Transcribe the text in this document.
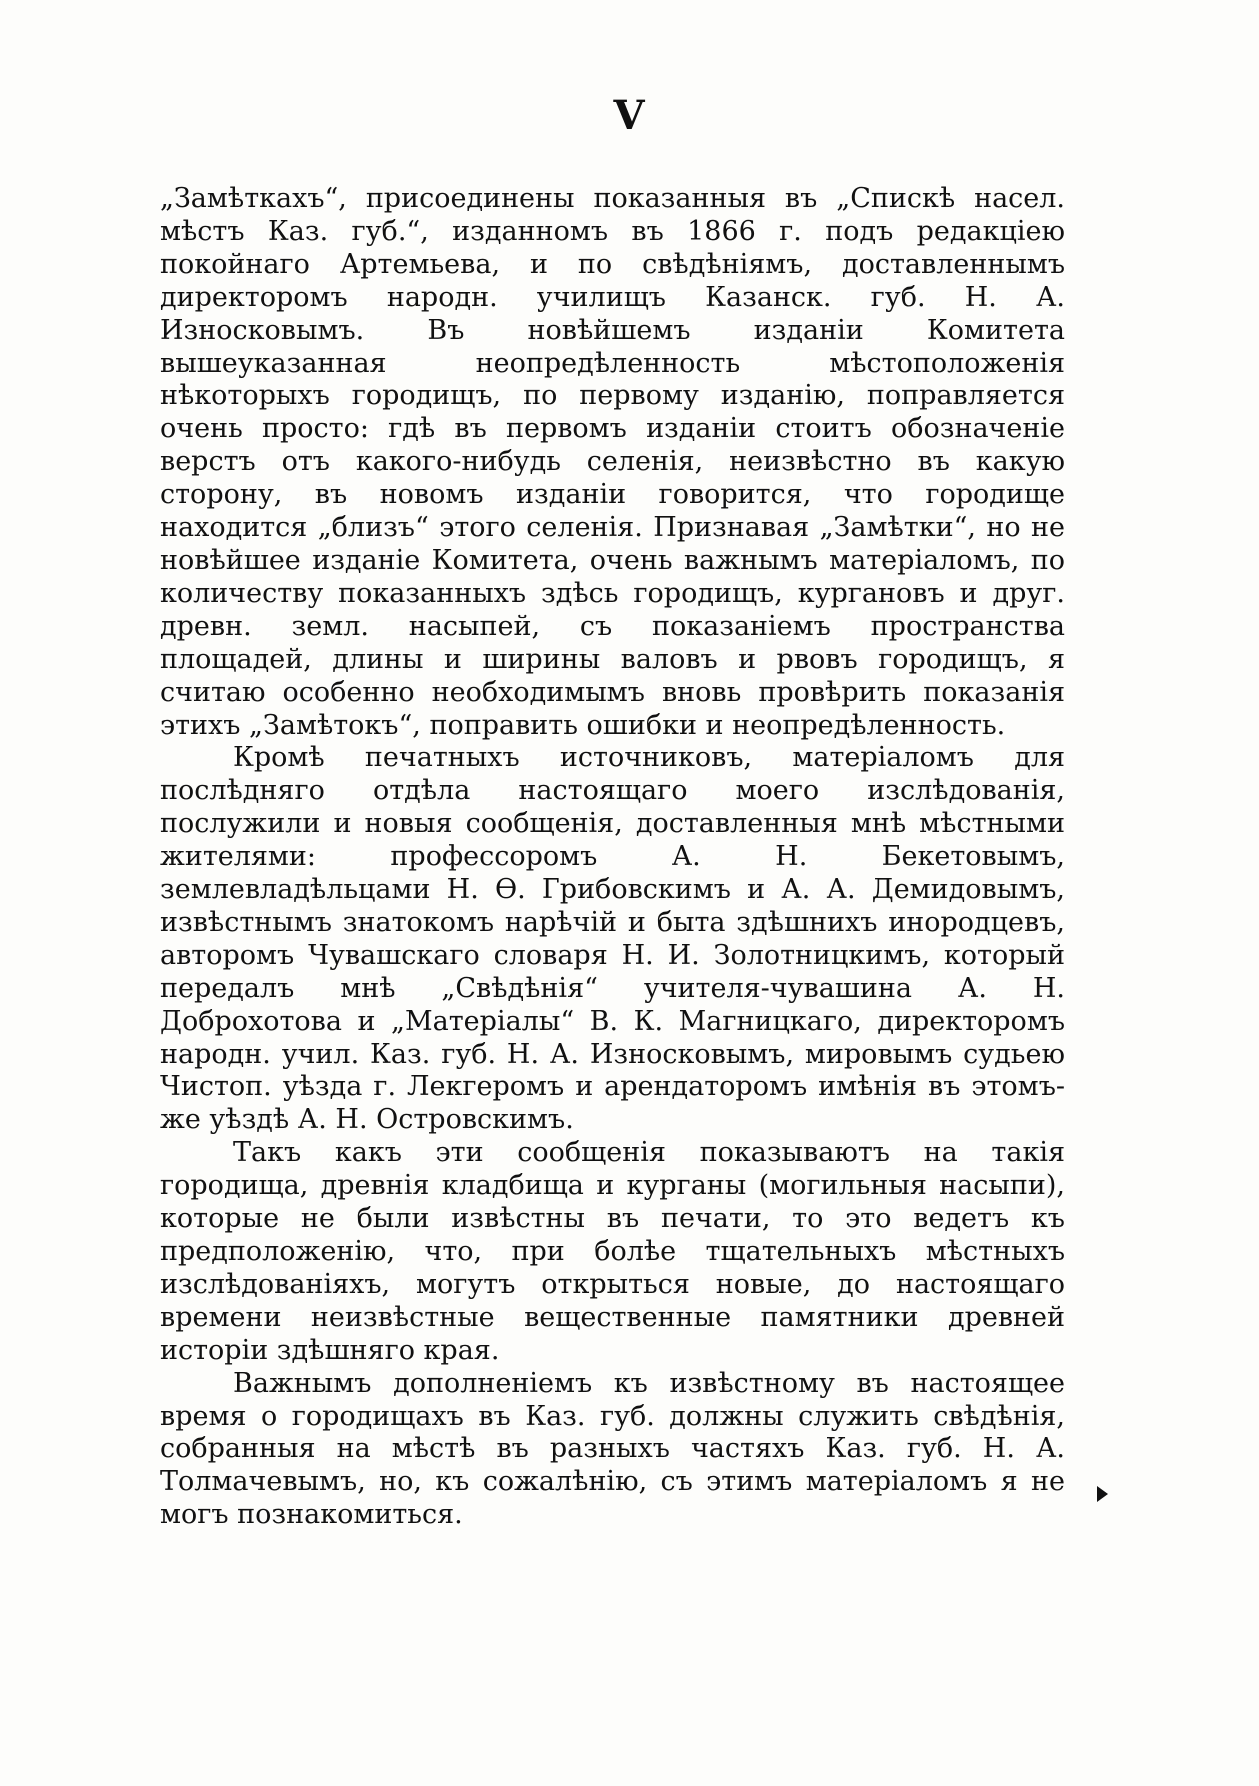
V

„Замѣткахъ“, присоединены показанныя въ „Спискѣ насел. мѣстъ Каз. губ.“, изданномъ въ 1866 г. подъ редакціею покойнаго Артемьева, и по свѣдѣніямъ, доставленнымъ директоромъ народн. училищъ Казанск. губ. Н. А. Износковымъ. Въ новѣйшемъ изданіи Комитета вышеуказанная неопредѣленность мѣстоположенія нѣкоторыхъ городищъ, по первому изданію, поправляется очень просто: гдѣ въ первомъ изданіи стоитъ обозначеніе верстъ отъ какого-нибудь селенія, неизвѣстно въ какую сторону, въ новомъ изданіи говорится, что городище находится „близъ“ этого селенія. Признавая „Замѣтки“, но не новѣйшее изданіе Комитета, очень важнымъ матеріаломъ, по количеству показанныхъ здѣсь городищъ, кургановъ и друг. древн. земл. насыпей, съ показаніемъ пространства площадей, длины и ширины валовъ и рвовъ городищъ, я считаю особенно необходимымъ вновь провѣрить показанія этихъ „Замѣтокъ“, поправить ошибки и неопредѣленность.

Кромѣ печатныхъ источниковъ, матеріаломъ для послѣдняго отдѣла настоящаго моего изслѣдованія, послужили и новыя сообщенія, доставленныя мнѣ мѣстными жителями: профессоромъ А. Н. Бекетовымъ, землевладѣльцами Н. Ѳ. Грибовскимъ и А. А. Демидовымъ, извѣстнымъ знатокомъ нарѣчій и быта здѣшнихъ инородцевъ, авторомъ Чувашскаго словаря Н. И. Золотницкимъ, который передалъ мнѣ „Свѣдѣнія“ учителя-чувашина А. Н. Доброхотова и „Матеріалы“ В. К. Магницкаго, директоромъ народн. учил. Каз. губ. Н. А. Износковымъ, мировымъ судьею Чистоп. уѣзда г. Лекгеромъ и арендаторомъ имѣнія въ этомъ-же уѣздѣ А. Н. Островскимъ.

Такъ какъ эти сообщенія показываютъ на такія городища, древнія кладбища и курганы (могильныя насыпи), которые не были извѣстны въ печати, то это ведетъ къ предположенію, что, при болѣе тщательныхъ мѣстныхъ изслѣдованіяхъ, могутъ открыться новые, до настоящаго времени неизвѣстные вещественные памятники древней исторіи здѣшняго края.

Важнымъ дополненіемъ къ извѣстному въ настоящее время о городищахъ въ Каз. губ. должны служить свѣдѣнія, собранныя на мѣстѣ въ разныхъ частяхъ Каз. губ. Н. А. Толмачевымъ, но, къ сожалѣнію, съ этимъ матеріаломъ я не могъ познакомиться.
